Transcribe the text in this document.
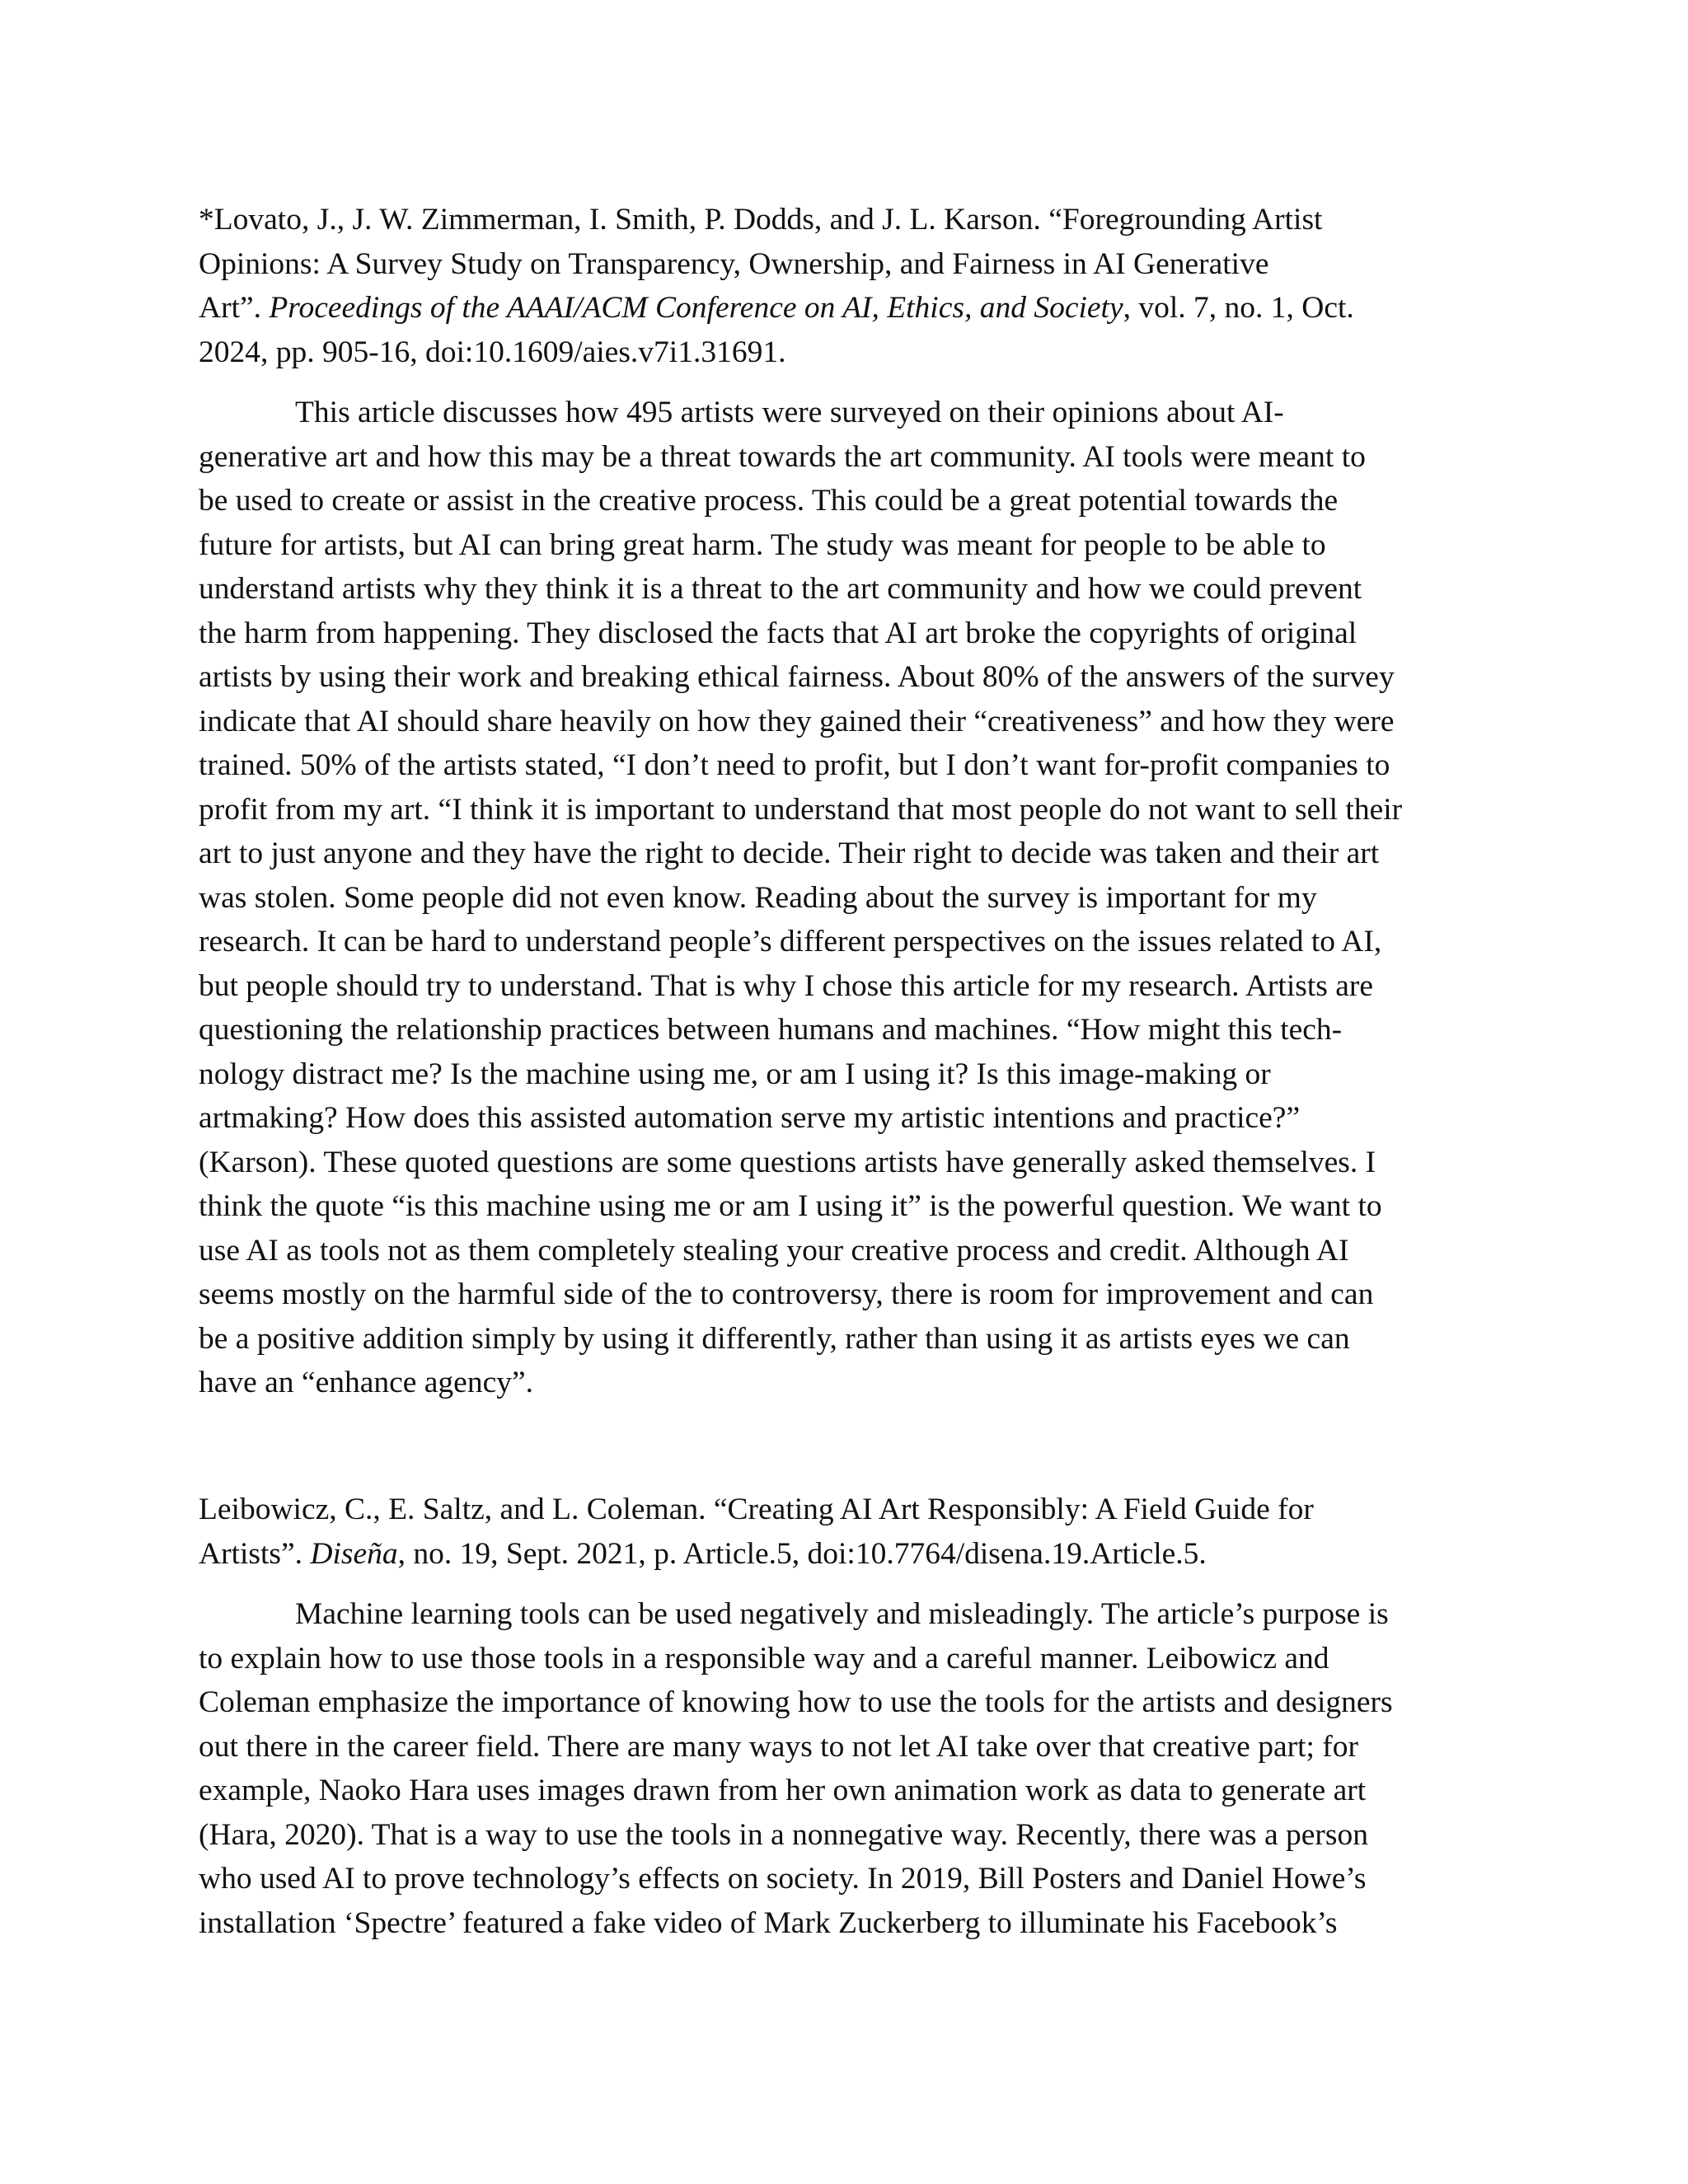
*Lovato, J., J. W. Zimmerman, I. Smith, P. Dodds, and J. L. Karson. “Foregrounding Artist
Opinions: A Survey Study on Transparency, Ownership, and Fairness in AI Generative
Art”. Proceedings of the AAAI/ACM Conference on AI, Ethics, and Society, vol. 7, no. 1, Oct.
2024, pp. 905-16, doi:10.1609/aies.v7i1.31691.
This article discusses how 495 artists were surveyed on their opinions about AI-
generative art and how this may be a threat towards the art community. AI tools were meant to
be used to create or assist in the creative process. This could be a great potential towards the
future for artists, but AI can bring great harm. The study was meant for people to be able to
understand artists why they think it is a threat to the art community and how we could prevent
the harm from happening. They disclosed the facts that AI art broke the copyrights of original
artists by using their work and breaking ethical fairness. About 80% of the answers of the survey
indicate that AI should share heavily on how they gained their “creativeness” and how they were
trained. 50% of the artists stated, “I don’t need to profit, but I don’t want for-profit companies to
profit from my art. “I think it is important to understand that most people do not want to sell their
art to just anyone and they have the right to decide. Their right to decide was taken and their art
was stolen. Some people did not even know. Reading about the survey is important for my
research. It can be hard to understand people’s different perspectives on the issues related to AI,
but people should try to understand. That is why I chose this article for my research. Artists are
questioning the relationship practices between humans and machines. “How might this tech-
nology distract me? Is the machine using me, or am I using it? Is this image-making or
artmaking? How does this assisted automation serve my artistic intentions and practice?”
(Karson). These quoted questions are some questions artists have generally asked themselves. I
think the quote “is this machine using me or am I using it” is the powerful question. We want to
use AI as tools not as them completely stealing your creative process and credit. Although AI
seems mostly on the harmful side of the to controversy, there is room for improvement and can
be a positive addition simply by using it differently, rather than using it as artists eyes we can
have an “enhance agency”.
Leibowicz, C., E. Saltz, and L. Coleman. “Creating AI Art Responsibly: A Field Guide for
Artists”. Diseña, no. 19, Sept. 2021, p. Article.5, doi:10.7764/disena.19.Article.5.
Machine learning tools can be used negatively and misleadingly. The article’s purpose is
to explain how to use those tools in a responsible way and a careful manner. Leibowicz and
Coleman emphasize the importance of knowing how to use the tools for the artists and designers
out there in the career field. There are many ways to not let AI take over that creative part; for
example, Naoko Hara uses images drawn from her own animation work as data to generate art
(Hara, 2020). That is a way to use the tools in a nonnegative way. Recently, there was a person
who used AI to prove technology’s effects on society. In 2019, Bill Posters and Daniel Howe’s
installation ‘Spectre’ featured a fake video of Mark Zuckerberg to illuminate his Facebook’s
